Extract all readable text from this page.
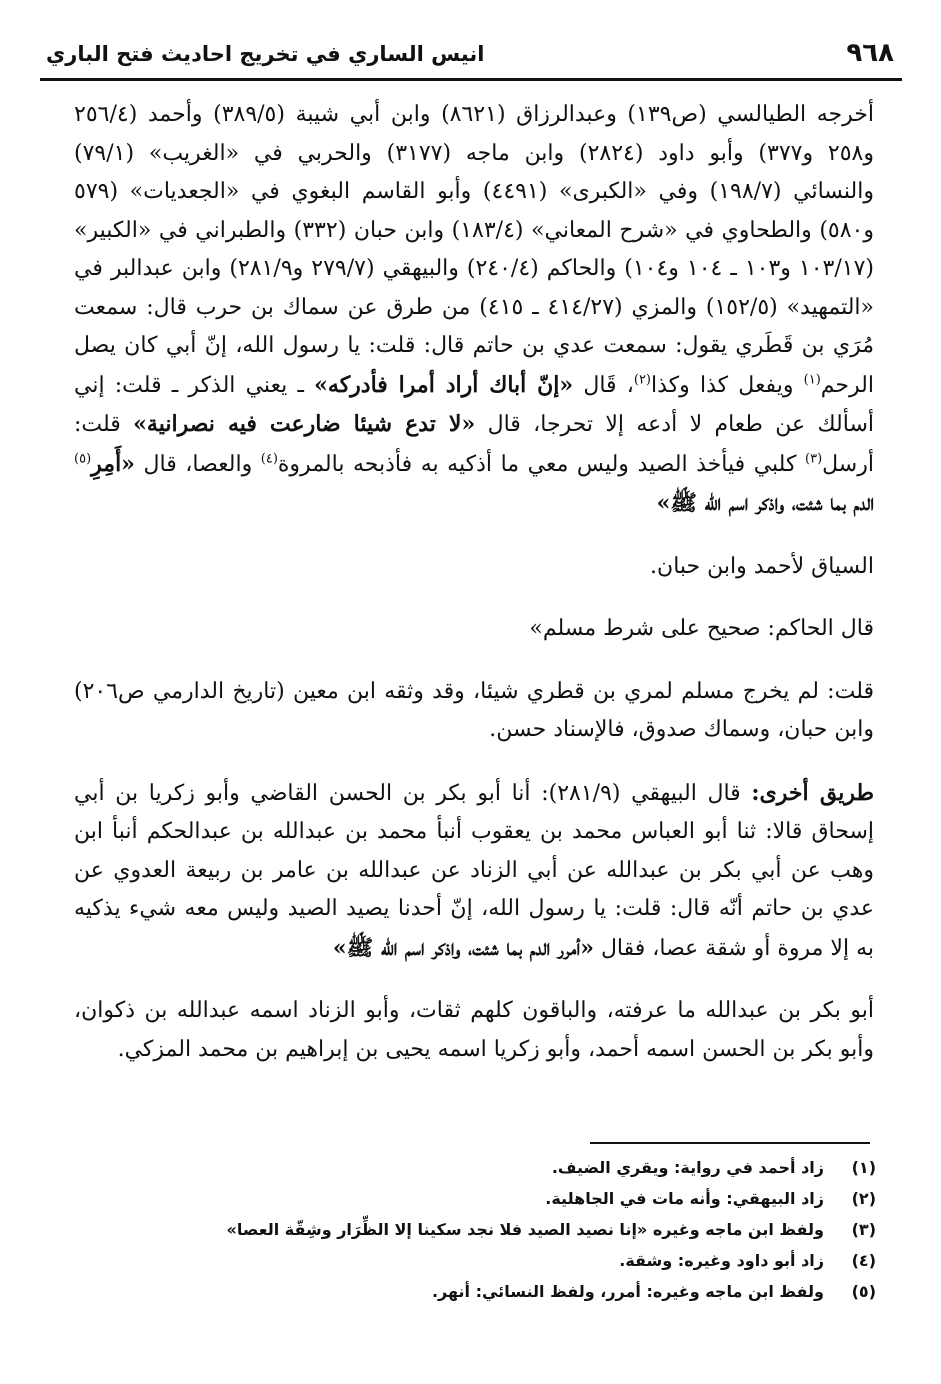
٩٦٨
انيس الساري في تخريج احاديث فتح الباري

أخرجه الطيالسي (ص١٣٩) وعبدالرزاق (٨٦٢١) وابن أبي شيبة (٣٨٩/٥) وأحمد (٢٥٦/٤ و٢٥٨ و٣٧٧) وأبو داود (٢٨٢٤) وابن ماجه (٣١٧٧) والحربي في «الغريب» (٧٩/١) والنسائي (١٩٨/٧) وفي «الكبرى» (٤٤٩١) وأبو القاسم البغوي في «الجعديات» (٥٧٩ و٥٨٠) والطحاوي في «شرح المعاني» (١٨٣/٤) وابن حبان (٣٣٢) والطبراني في «الكبير» (١٠٣/١٧ و١٠٣ ـ ١٠٤ و١٠٤) والحاكم (٢٤٠/٤) والبيهقي (٢٧٩/٧ و٢٨١/٩) وابن عبدالبر في «التمهيد» (١٥٢/٥) والمزي (٤١٤/٢٧ ـ ٤١٥) من طرق عن سماك بن حرب قال: سمعت مُرَي بن قَطَري يقول: سمعت عدي بن حاتم قال: قلت: يا رسول الله، إنّ أبي كان يصل الرحم$^{(١)}$ ويفعل كذا وكذا$^{(٢)}$، قَال «إنّ أباك أراد أمرا فأدركه» ـ يعني الذكر ـ قلت: إني أسألك عن طعام لا أدعه إلا تحرجا، قال «لا تدع شيئا ضارعت فيه نصرانية» قلت: أرسل$^{(٣)}$ كلبي فيأخذ الصيد وليس معي ما أذكيه به فأذبحه بالمروة$^{(٤)}$ والعصا، قال «أَمِرِ$^{(٥)}$ الدم بما شئت، واذكر اسم الله ﷺ»

السياق لأحمد وابن حبان.

قال الحاكم: صحيح على شرط مسلم»

قلت: لم يخرج مسلم لمري بن قطري شيئا، وقد وثقه ابن معين (تاريخ الدارمي ص٢٠٦) وابن حبان، وسماك صدوق، فالإسناد حسن.

طريق أخرى: قال البيهقي (٢٨١/٩): أنا أبو بكر بن الحسن القاضي وأبو زكريا بن أبي إسحاق قالا: ثنا أبو العباس محمد بن يعقوب أنبأ محمد بن عبدالله بن عبدالحكم أنبأ ابن وهب عن أبي بكر بن عبدالله عن أبي الزناد عن عبدالله بن عامر بن ربيعة العدوي عن عدي بن حاتم أنّه قال: قلت: يا رسول الله، إنّ أحدنا يصيد الصيد وليس معه شيء يذكيه به إلا مروة أو شقة عصا، فقال «أمرر الدم بما شئت، واذكر اسم الله ﷺ»

أبو بكر بن عبدالله ما عرفته، والباقون كلهم ثقات، وأبو الزناد اسمه عبدالله بن ذكوان، وأبو بكر بن الحسن اسمه أحمد، وأبو زكريا اسمه يحيى بن إبراهيم بن محمد المزكي.

(١)
زاد أحمد في رواية: ويقري الضيف.
(٢)
زاد البيهقي: وأنه مات في الجاهلية.
(٣)
ولفظ ابن ماجه وغيره «إنا نصيد الصيد فلا نجد سكينا إلا الظِّرَار وشِقّة العصا»
(٤)
زاد أبو داود وغيره: وشقة.
(٥)
ولفظ ابن ماجه وغيره: أمرر، ولفظ النسائي: أنهر.
